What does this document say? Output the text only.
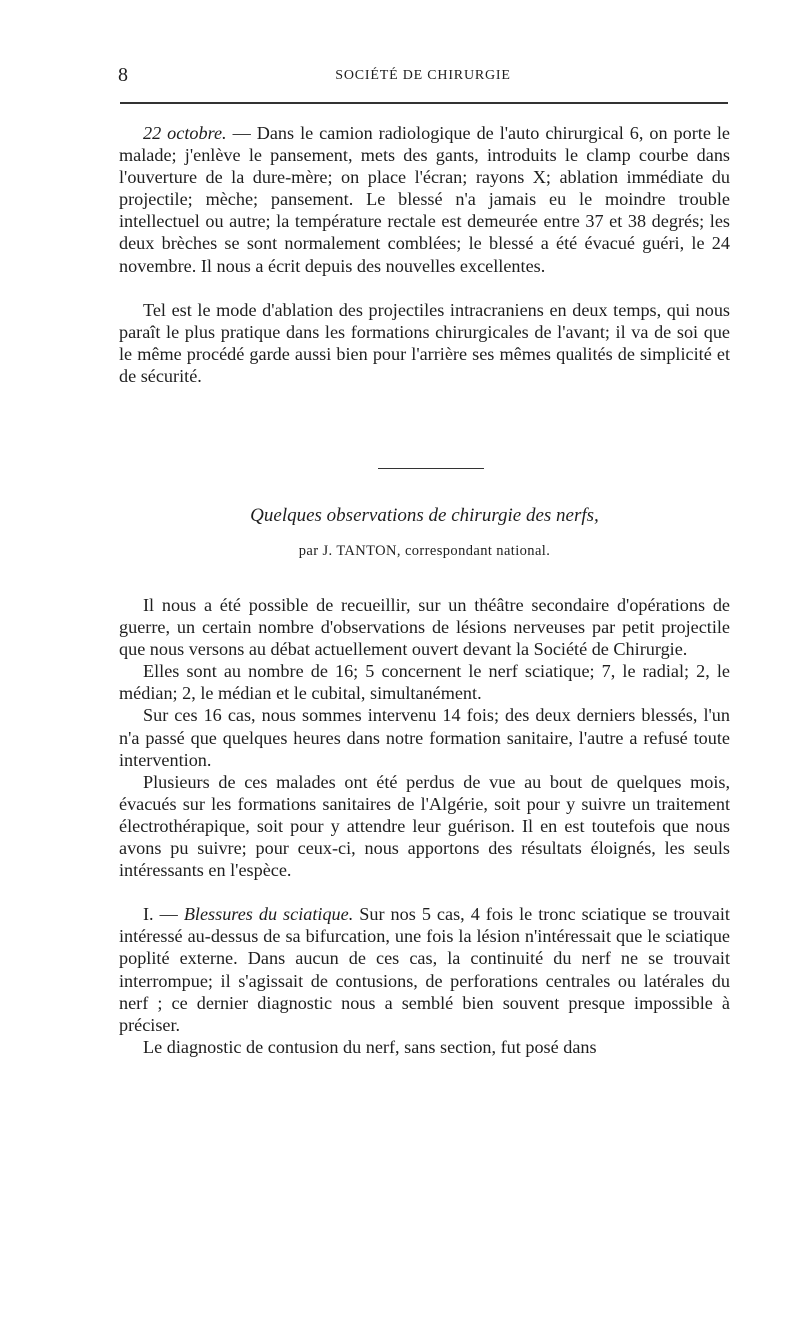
8	SOCIÉTÉ DE CHIRURGIE

22 octobre. — Dans le camion radiologique de l'auto chirurgical 6, on porte le malade; j'enlève le pansement, mets des gants, introduits le clamp courbe dans l'ouverture de la dure-mère; on place l'écran; rayons X; ablation immédiate du projectile; mèche; pansement. Le blessé n'a jamais eu le moindre trouble intellectuel ou autre; la température rectale est demeurée entre 37 et 38 degrés; les deux brèches se sont normalement comblées; le blessé a été évacué guéri, le 24 novembre. Il nous a écrit depuis des nouvelles excellentes.

Tel est le mode d'ablation des projectiles intracraniens en deux temps, qui nous paraît le plus pratique dans les formations chirurgicales de l'avant; il va de soi que le même procédé garde aussi bien pour l'arrière ses mêmes qualités de simplicité et de sécurité.

Quelques observations de chirurgie des nerfs,
par J. TANTON, correspondant national.

Il nous a été possible de recueillir, sur un théâtre secondaire d'opérations de guerre, un certain nombre d'observations de lésions nerveuses par petit projectile que nous versons au débat actuellement ouvert devant la Société de Chirurgie.

Elles sont au nombre de 16; 5 concernent le nerf sciatique; 7, le radial; 2, le médian; 2, le médian et le cubital, simultanément.

Sur ces 16 cas, nous sommes intervenu 14 fois; des deux derniers blessés, l'un n'a passé que quelques heures dans notre formation sanitaire, l'autre a refusé toute intervention.

Plusieurs de ces malades ont été perdus de vue au bout de quelques mois, évacués sur les formations sanitaires de l'Algérie, soit pour y suivre un traitement électrothérapique, soit pour y attendre leur guérison. Il en est toutefois que nous avons pu suivre; pour ceux-ci, nous apportons des résultats éloignés, les seuls intéressants en l'espèce.

I. — Blessures du sciatique. Sur nos 5 cas, 4 fois le tronc sciatique se trouvait intéressé au-dessus de sa bifurcation, une fois la lésion n'intéressait que le sciatique poplité externe. Dans aucun de ces cas, la continuité du nerf ne se trouvait interrompue; il s'agissait de contusions, de perforations centrales ou latérales du nerf ; ce dernier diagnostic nous a semblé bien souvent presque impossible à préciser.

Le diagnostic de contusion du nerf, sans section, fut posé dans
